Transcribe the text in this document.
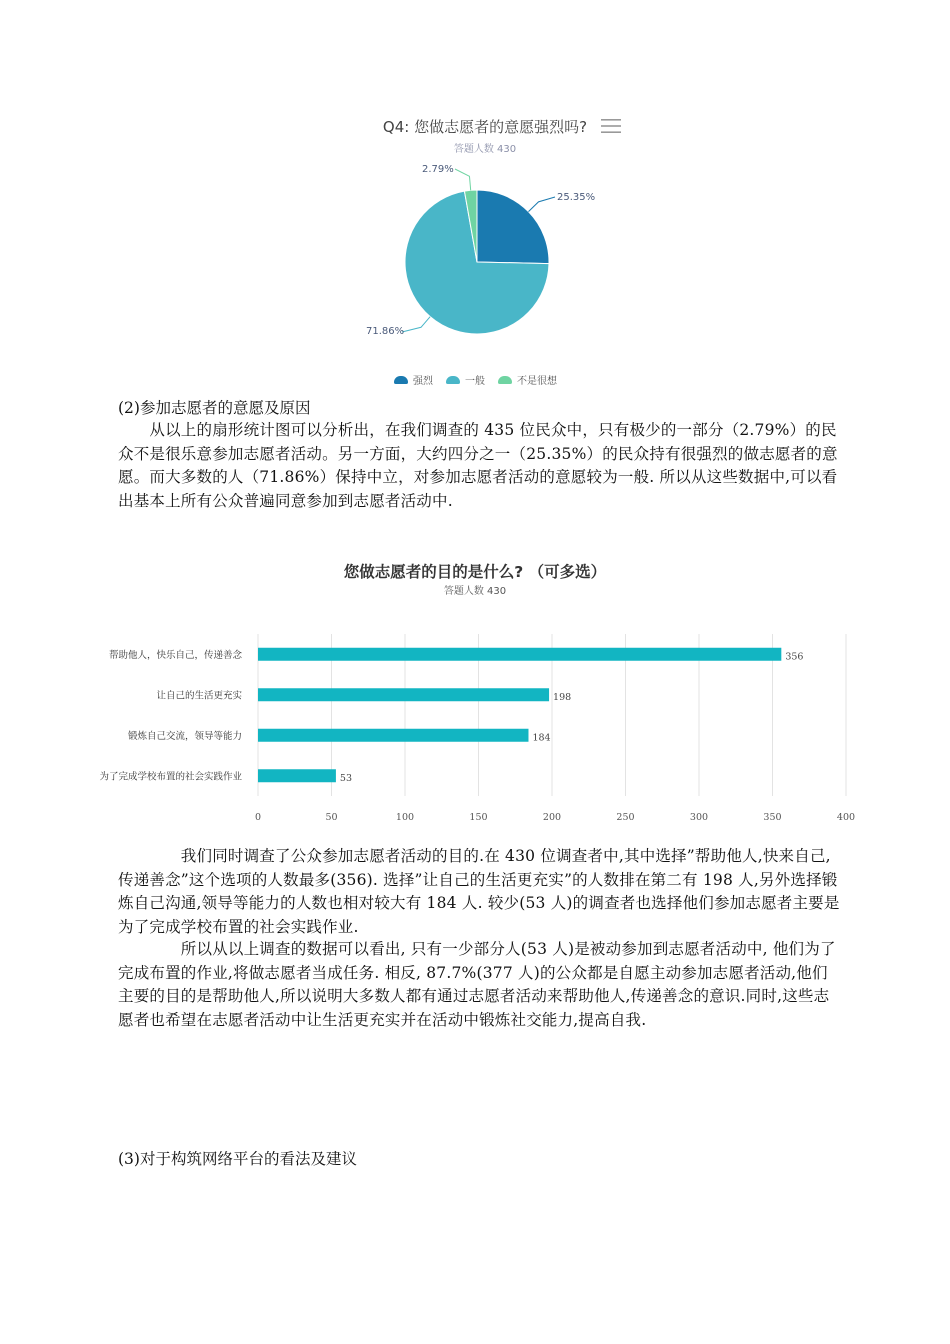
Q4: 您做志愿者的意愿强烈吗?
答题人数 430
2.79%
25.35%
71.86%
强烈	一般	不是很想
(2)参加志愿者的意愿及原因
　　从以上的扇形统计图可以分析出，在我们调查的 435 位民众中，只有极少的一部分（2.79%）的民众不是很乐意参加志愿者活动。另一方面，大约四分之一（25.35%）的民众持有很强烈的做志愿者的意愿。而大多数的人（71.86%）保持中立，对参加志愿者活动的意愿较为一般. 所以从这些数据中,可以看出基本上所有公众普遍同意参加到志愿者活动中.
您做志愿者的目的是什么? （可多选）
答题人数 430
0	50	100	150	200	250	300	350	400
帮助他人，快乐自己，传递善念	356
让自己的生活更充实	198
锻炼自己交流，领导等能力	184
为了完成学校布置的社会实践作业	53
　　　　我们同时调查了公众参加志愿者活动的目的.在 430 位调查者中,其中选择”帮助他人,快来自己,传递善念”这个选项的人数最多(356). 选择”让自己的生活更充实”的人数排在第二有 198 人,另外选择锻炼自己沟通,领导等能力的人数也相对较大有 184 人. 较少(53 人)的调查者也选择他们参加志愿者主要是为了完成学校布置的社会实践作业.
　　　　所以从以上调查的数据可以看出, 只有一少部分人(53 人)是被动参加到志愿者活动中, 他们为了完成布置的作业,将做志愿者当成任务. 相反, 87.7%(377 人)的公众都是自愿主动参加志愿者活动,他们主要的目的是帮助他人,所以说明大多数人都有通过志愿者活动来帮助他人,传递善念的意识.同时,这些志愿者也希望在志愿者活动中让生活更充实并在活动中锻炼社交能力,提高自我.
(3)对于构筑网络平台的看法及建议
